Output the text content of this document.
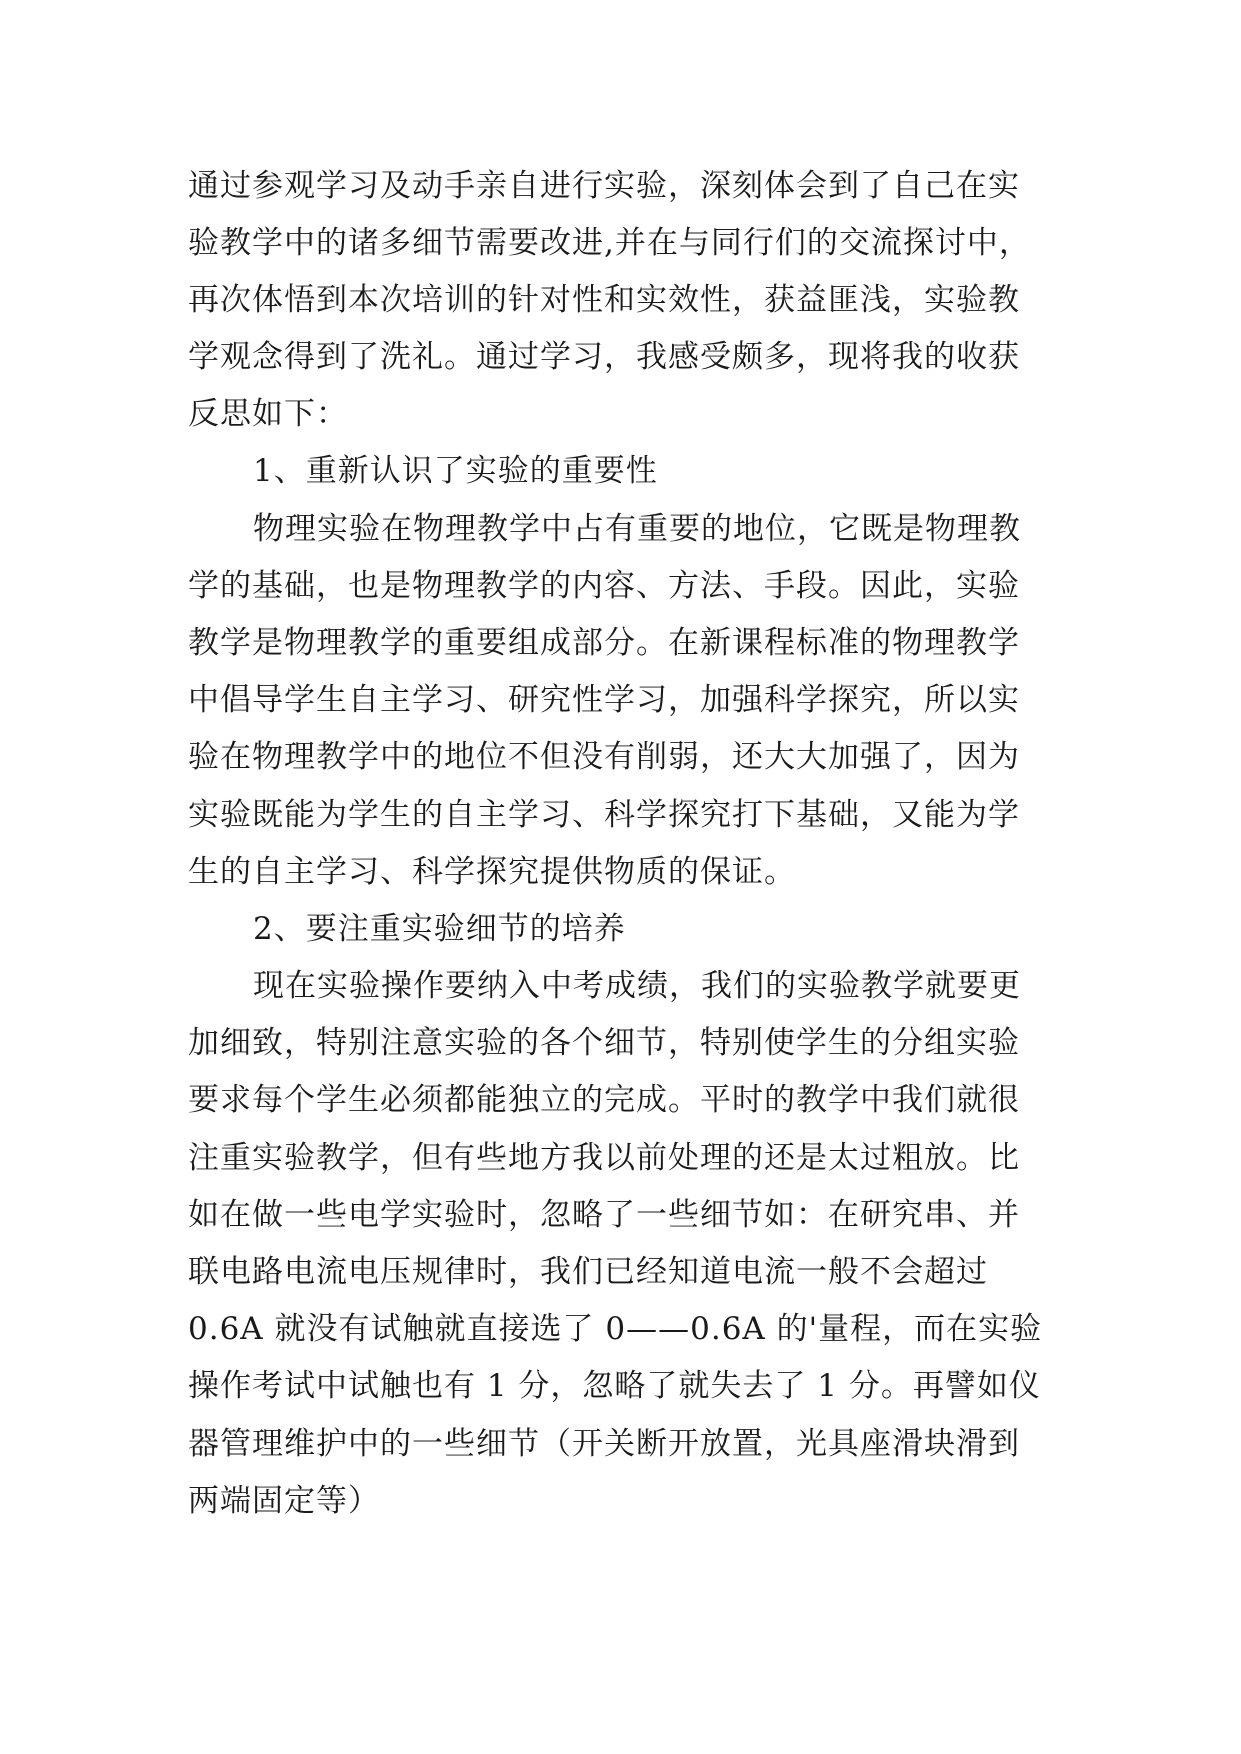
通过参观学习及动手亲自进行实验，深刻体会到了自己在实
验教学中的诸多细节需要改进,并在与同行们的交流探讨中，
再次体悟到本次培训的针对性和实效性，获益匪浅，实验教
学观念得到了洗礼。通过学习，我感受颇多，现将我的收获
反思如下：
1、重新认识了实验的重要性
物理实验在物理教学中占有重要的地位，它既是物理教
学的基础，也是物理教学的内容、方法、手段。因此，实验
教学是物理教学的重要组成部分。在新课程标准的物理教学
中倡导学生自主学习、研究性学习，加强科学探究，所以实
验在物理教学中的地位不但没有削弱，还大大加强了，因为
实验既能为学生的自主学习、科学探究打下基础，又能为学
生的自主学习、科学探究提供物质的保证。
2、要注重实验细节的培养
现在实验操作要纳入中考成绩，我们的实验教学就要更
加细致，特别注意实验的各个细节，特别使学生的分组实验
要求每个学生必须都能独立的完成。平时的教学中我们就很
注重实验教学，但有些地方我以前处理的还是太过粗放。比
如在做一些电学实验时，忽略了一些细节如：在研究串、并
联电路电流电压规律时，我们已经知道电流一般不会超过
0.6A 就没有试触就直接选了 0——0.6A 的'量程，而在实验
操作考试中试触也有 1 分，忽略了就失去了 1 分。再譬如仪
器管理维护中的一些细节（开关断开放置，光具座滑块滑到
两端固定等）
